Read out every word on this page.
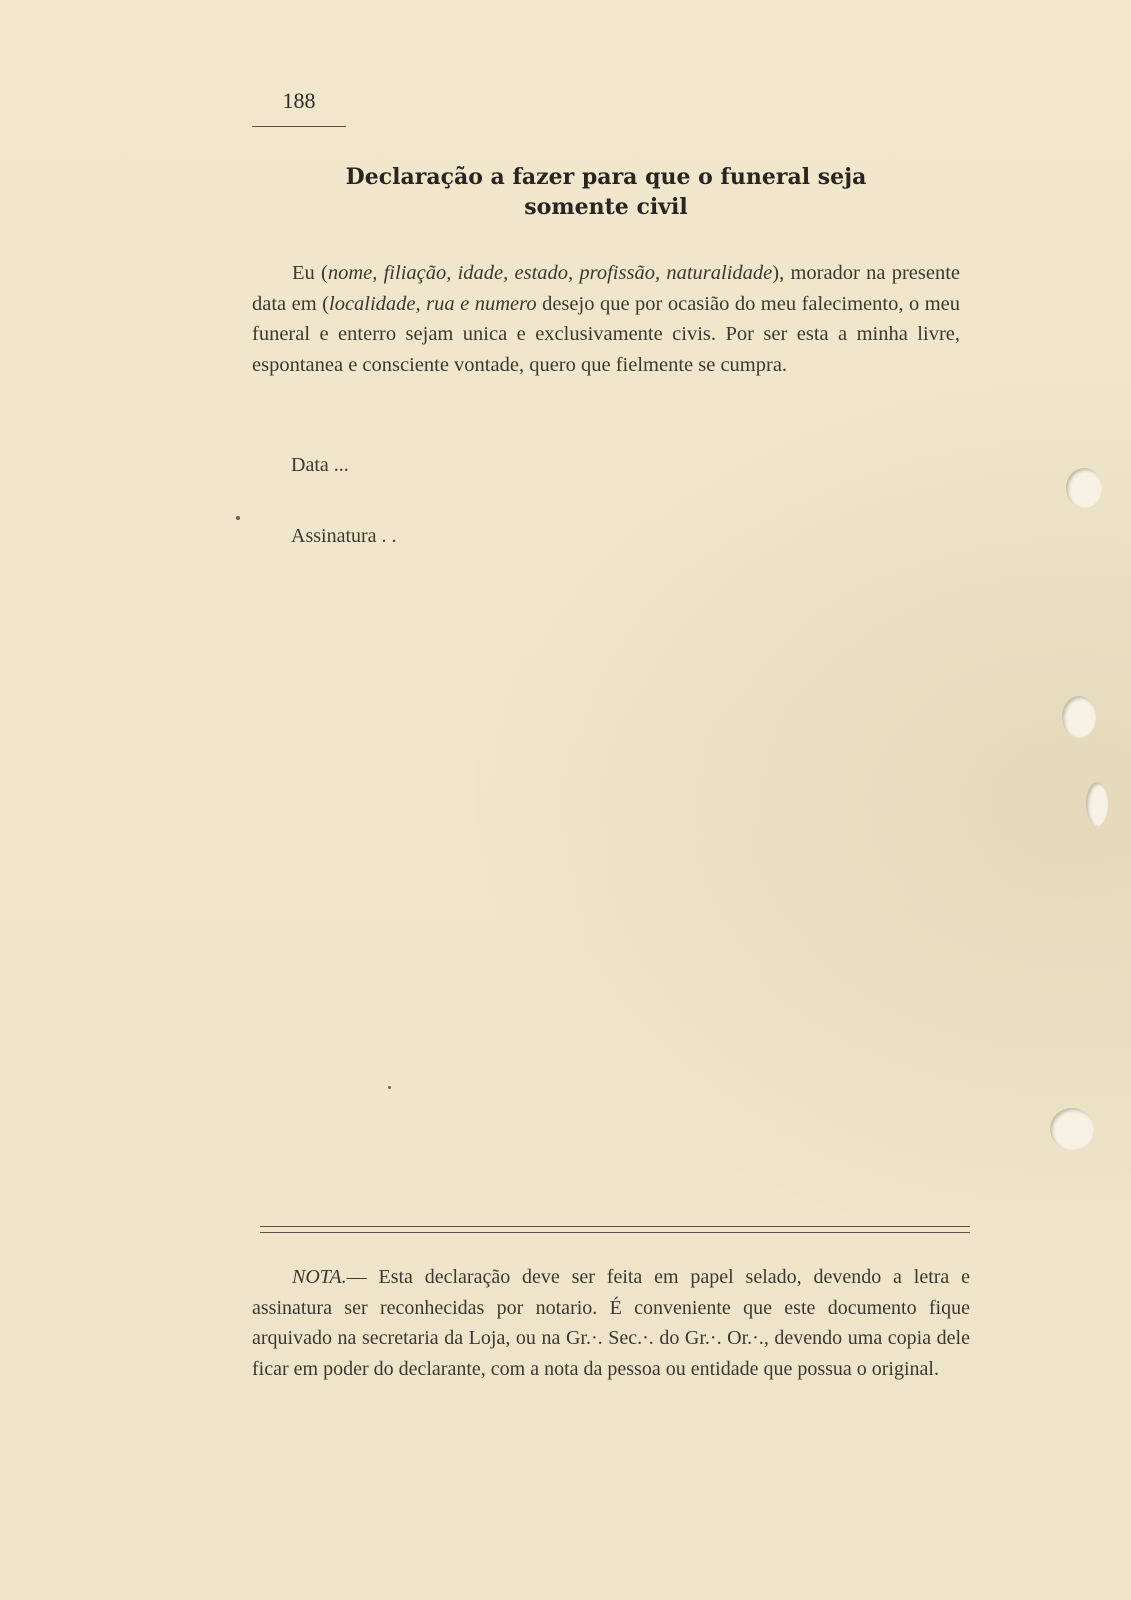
188
Declaração a fazer para que o funeral seja
somente civil

Eu (nome, filiação, idade, estado, profissão, naturalidade), morador na presente data em (localidade, rua e numero desejo que por ocasião do meu falecimento, o meu funeral e enterro sejam unica e exclusivamente civis. Por ser esta a minha livre, espontanea e consciente vontade, quero que fielmente se cumpra.

Data ...
Assinatura . .

NOTA.— Esta declaração deve ser feita em papel selado, devendo a letra e assinatura ser reconhecidas por notario. É conveniente que este documento fique arquivado na secretaria da Loja, ou na Gr.·. Sec.·. do Gr.·. Or.·., devendo uma copia dele ficar em poder do declarante, com a nota da pessoa ou entidade que possua o original.
